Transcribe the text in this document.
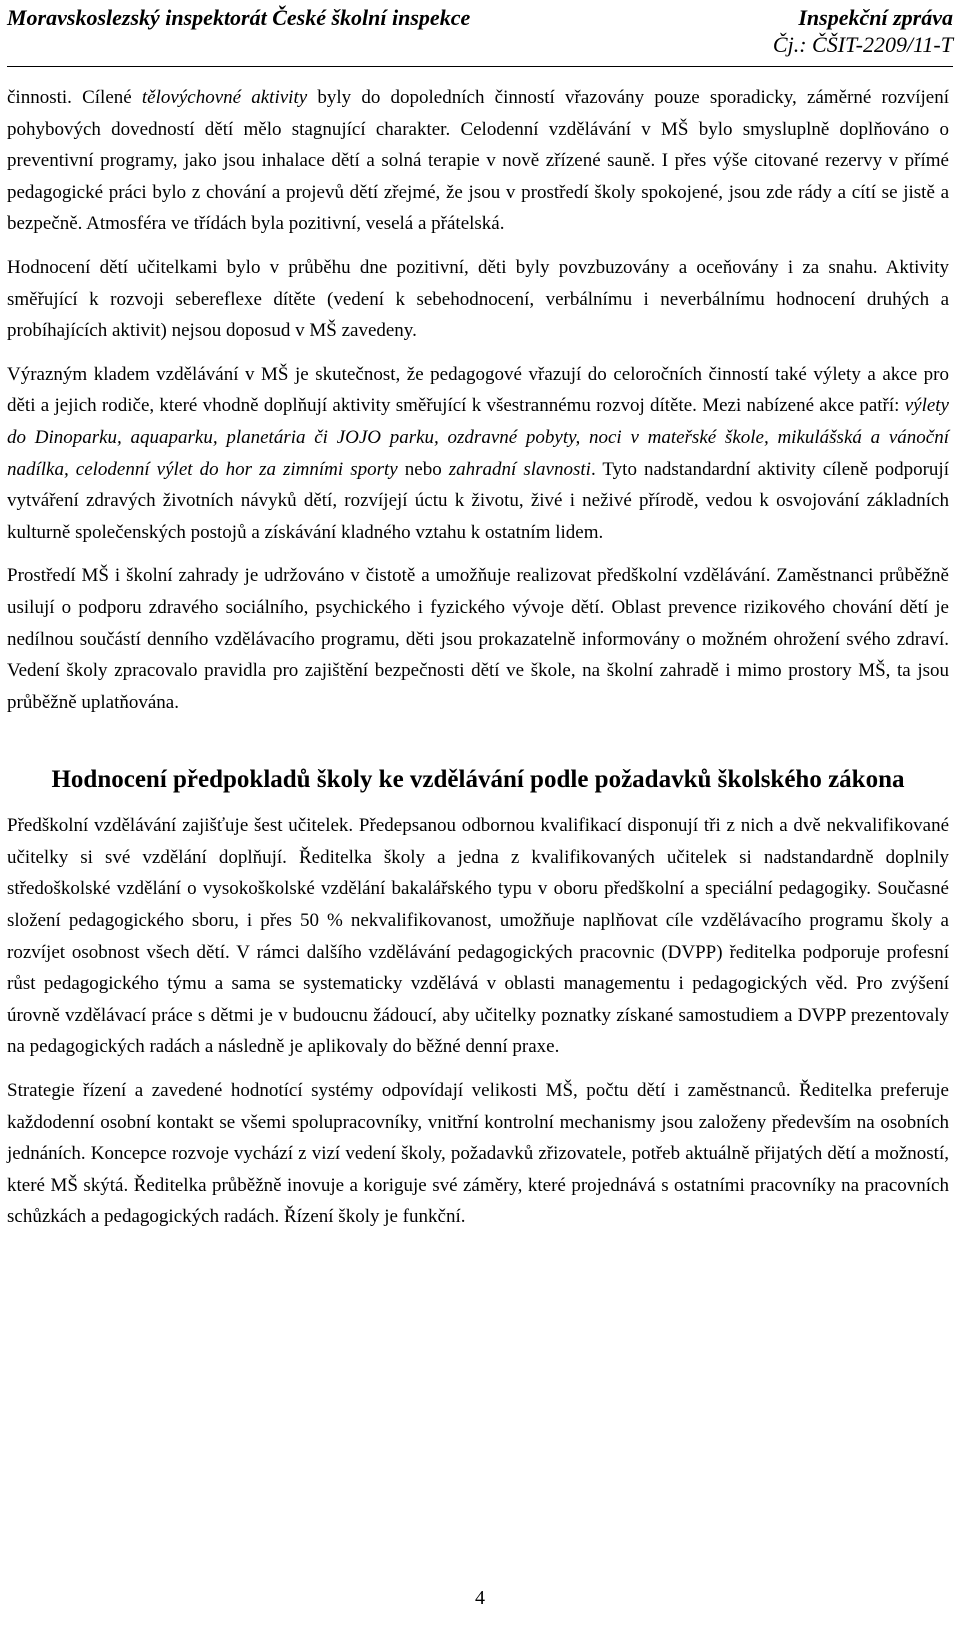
Moravskoslezský inspektorát České školní inspekce	Inspekční zpráva
Čj.: ČŠIT-2209/11-T

činnosti. Cílené tělovýchovné aktivity byly do dopoledních činností vřazovány pouze sporadicky, záměrné rozvíjení pohybových dovedností dětí mělo stagnující charakter. Celodenní vzdělávání v MŠ bylo smysluplně doplňováno o preventivní programy, jako jsou inhalace dětí a solná terapie v nově zřízené sauně. I přes výše citované rezervy v přímé pedagogické práci bylo z chování a projevů dětí zřejmé, že jsou v prostředí školy spokojené, jsou zde rády a cítí se jistě a bezpečně. Atmosféra ve třídách byla pozitivní, veselá a přátelská.

Hodnocení dětí učitelkami bylo v průběhu dne pozitivní, děti byly povzbuzovány a oceňovány i za snahu. Aktivity směřující k rozvoji sebereflexe dítěte (vedení k sebehodnocení, verbálnímu i neverbálnímu hodnocení druhých a probíhajících aktivit) nejsou doposud v MŠ zavedeny.

Výrazným kladem vzdělávání v MŠ je skutečnost, že pedagogové vřazují do celoročních činností také výlety a akce pro děti a jejich rodiče, které vhodně doplňují aktivity směřující k všestrannému rozvoj dítěte. Mezi nabízené akce patří: výlety do Dinoparku, aquaparku, planetária či JOJO parku, ozdravné pobyty, noci v mateřské škole, mikulášská a vánoční nadílka, celodenní výlet do hor za zimními sporty nebo zahradní slavnosti. Tyto nadstandardní aktivity cíleně podporují vytváření zdravých životních návyků dětí, rozvíjejí úctu k životu, živé i neživé přírodě, vedou k osvojování základních kulturně společenských postojů a získávání kladného vztahu k ostatním lidem.

Prostředí MŠ i školní zahrady je udržováno v čistotě a umožňuje realizovat předškolní vzdělávání. Zaměstnanci průběžně usilují o podporu zdravého sociálního, psychického i fyzického vývoje dětí. Oblast prevence rizikového chování dětí je nedílnou součástí denního vzdělávacího programu, děti jsou prokazatelně informovány o možném ohrožení svého zdraví. Vedení školy zpracovalo pravidla pro zajištění bezpečnosti dětí ve škole, na školní zahradě i mimo prostory MŠ, ta jsou průběžně uplatňována.

Hodnocení předpokladů školy ke vzdělávání podle požadavků školského zákona

Předškolní vzdělávání zajišťuje šest učitelek. Předepsanou odbornou kvalifikací disponují tři z nich a dvě nekvalifikované učitelky si své vzdělání doplňují. Ředitelka školy a jedna z kvalifikovaných učitelek si nadstandardně doplnily středoškolské vzdělání o vysokoškolské vzdělání bakalářského typu v oboru předškolní a speciální pedagogiky. Současné složení pedagogického sboru, i přes 50 % nekvalifikovanost, umožňuje naplňovat cíle vzdělávacího programu školy a rozvíjet osobnost všech dětí. V rámci dalšího vzdělávání pedagogických pracovnic (DVPP) ředitelka podporuje profesní růst pedagogického týmu a sama se systematicky vzdělává v oblasti managementu i pedagogických věd. Pro zvýšení úrovně vzdělávací práce s dětmi je v budoucnu žádoucí, aby učitelky poznatky získané samostudiem a DVPP prezentovaly na pedagogických radách a následně je aplikovaly do běžné denní praxe.

Strategie řízení a zavedené hodnotící systémy odpovídají velikosti MŠ, počtu dětí i zaměstnanců. Ředitelka preferuje každodenní osobní kontakt se všemi spolupracovníky, vnitřní kontrolní mechanismy jsou založeny především na osobních jednáních. Koncepce rozvoje vychází z vizí vedení školy, požadavků zřizovatele, potřeb aktuálně přijatých dětí a možností, které MŠ skýtá. Ředitelka průběžně inovuje a koriguje své záměry, které projednává s ostatními pracovníky na pracovních schůzkách a pedagogických radách. Řízení školy je funkční.

4
